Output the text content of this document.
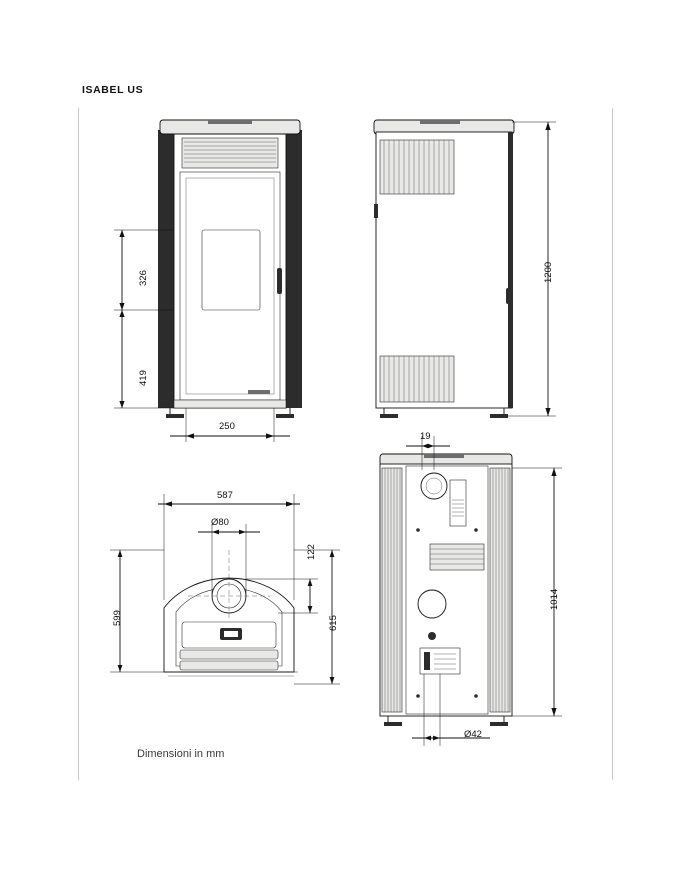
ISABEL US
Dimensioni in mm
326
419
250
1200
587
Ø80
122
599	615
19
1014
Ø42
